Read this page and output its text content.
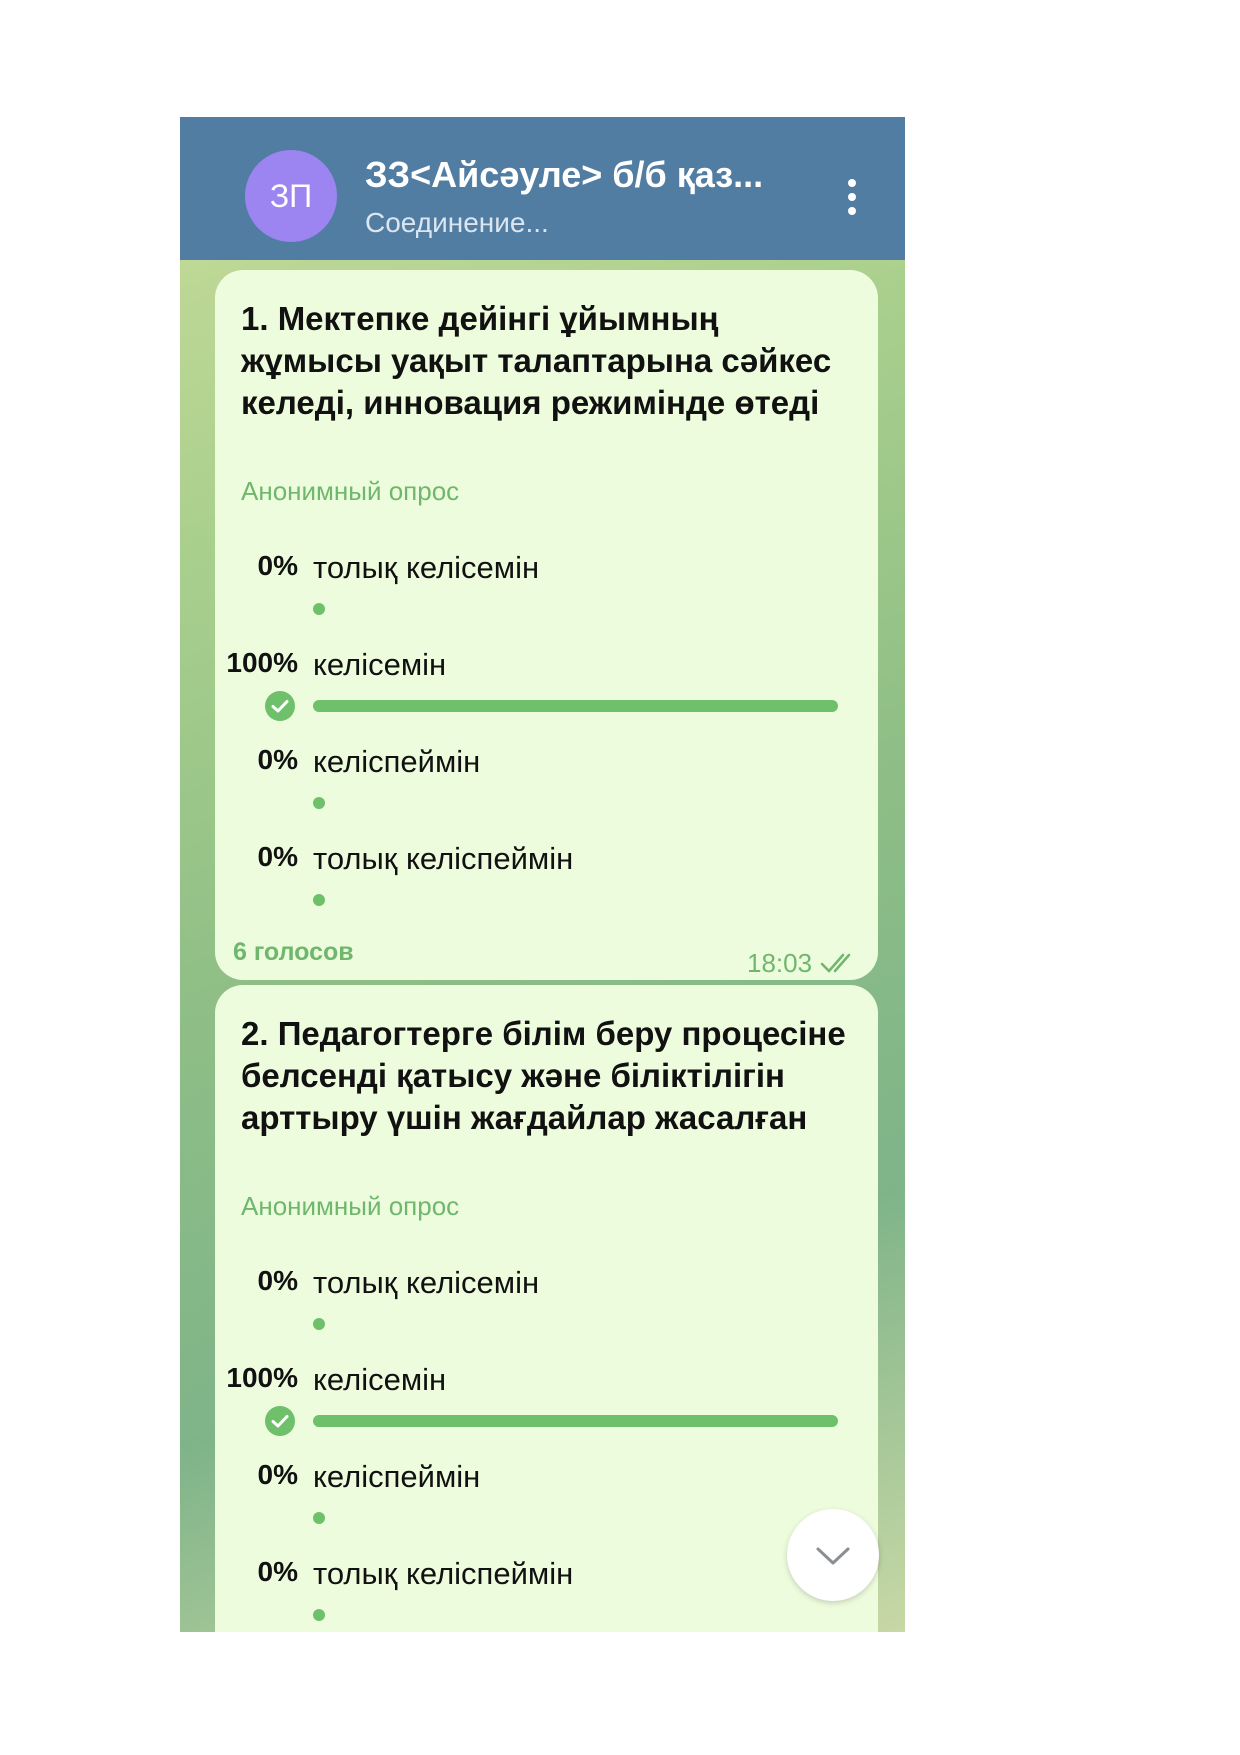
ЗП
ЗЗ<Айсәуле> б/б қаз...
Соединение...
1. Мектепке дейінгі ұйымның жұмысы уақыт талаптарына сәйкес келеді, инновация режимінде өтеді
Анонимный опрос
0% толық келісемін
100% келісемін
0% келіспеймін
0% толық келіспеймін
6 голосов	18:03
2. Педагогтерге білім беру процесіне белсенді қатысу және біліктілігін арттыру үшін жағдайлар жасалған
Анонимный опрос
0% толық келісемін
100% келісемін
0% келіспеймін
0% толық келіспеймін
